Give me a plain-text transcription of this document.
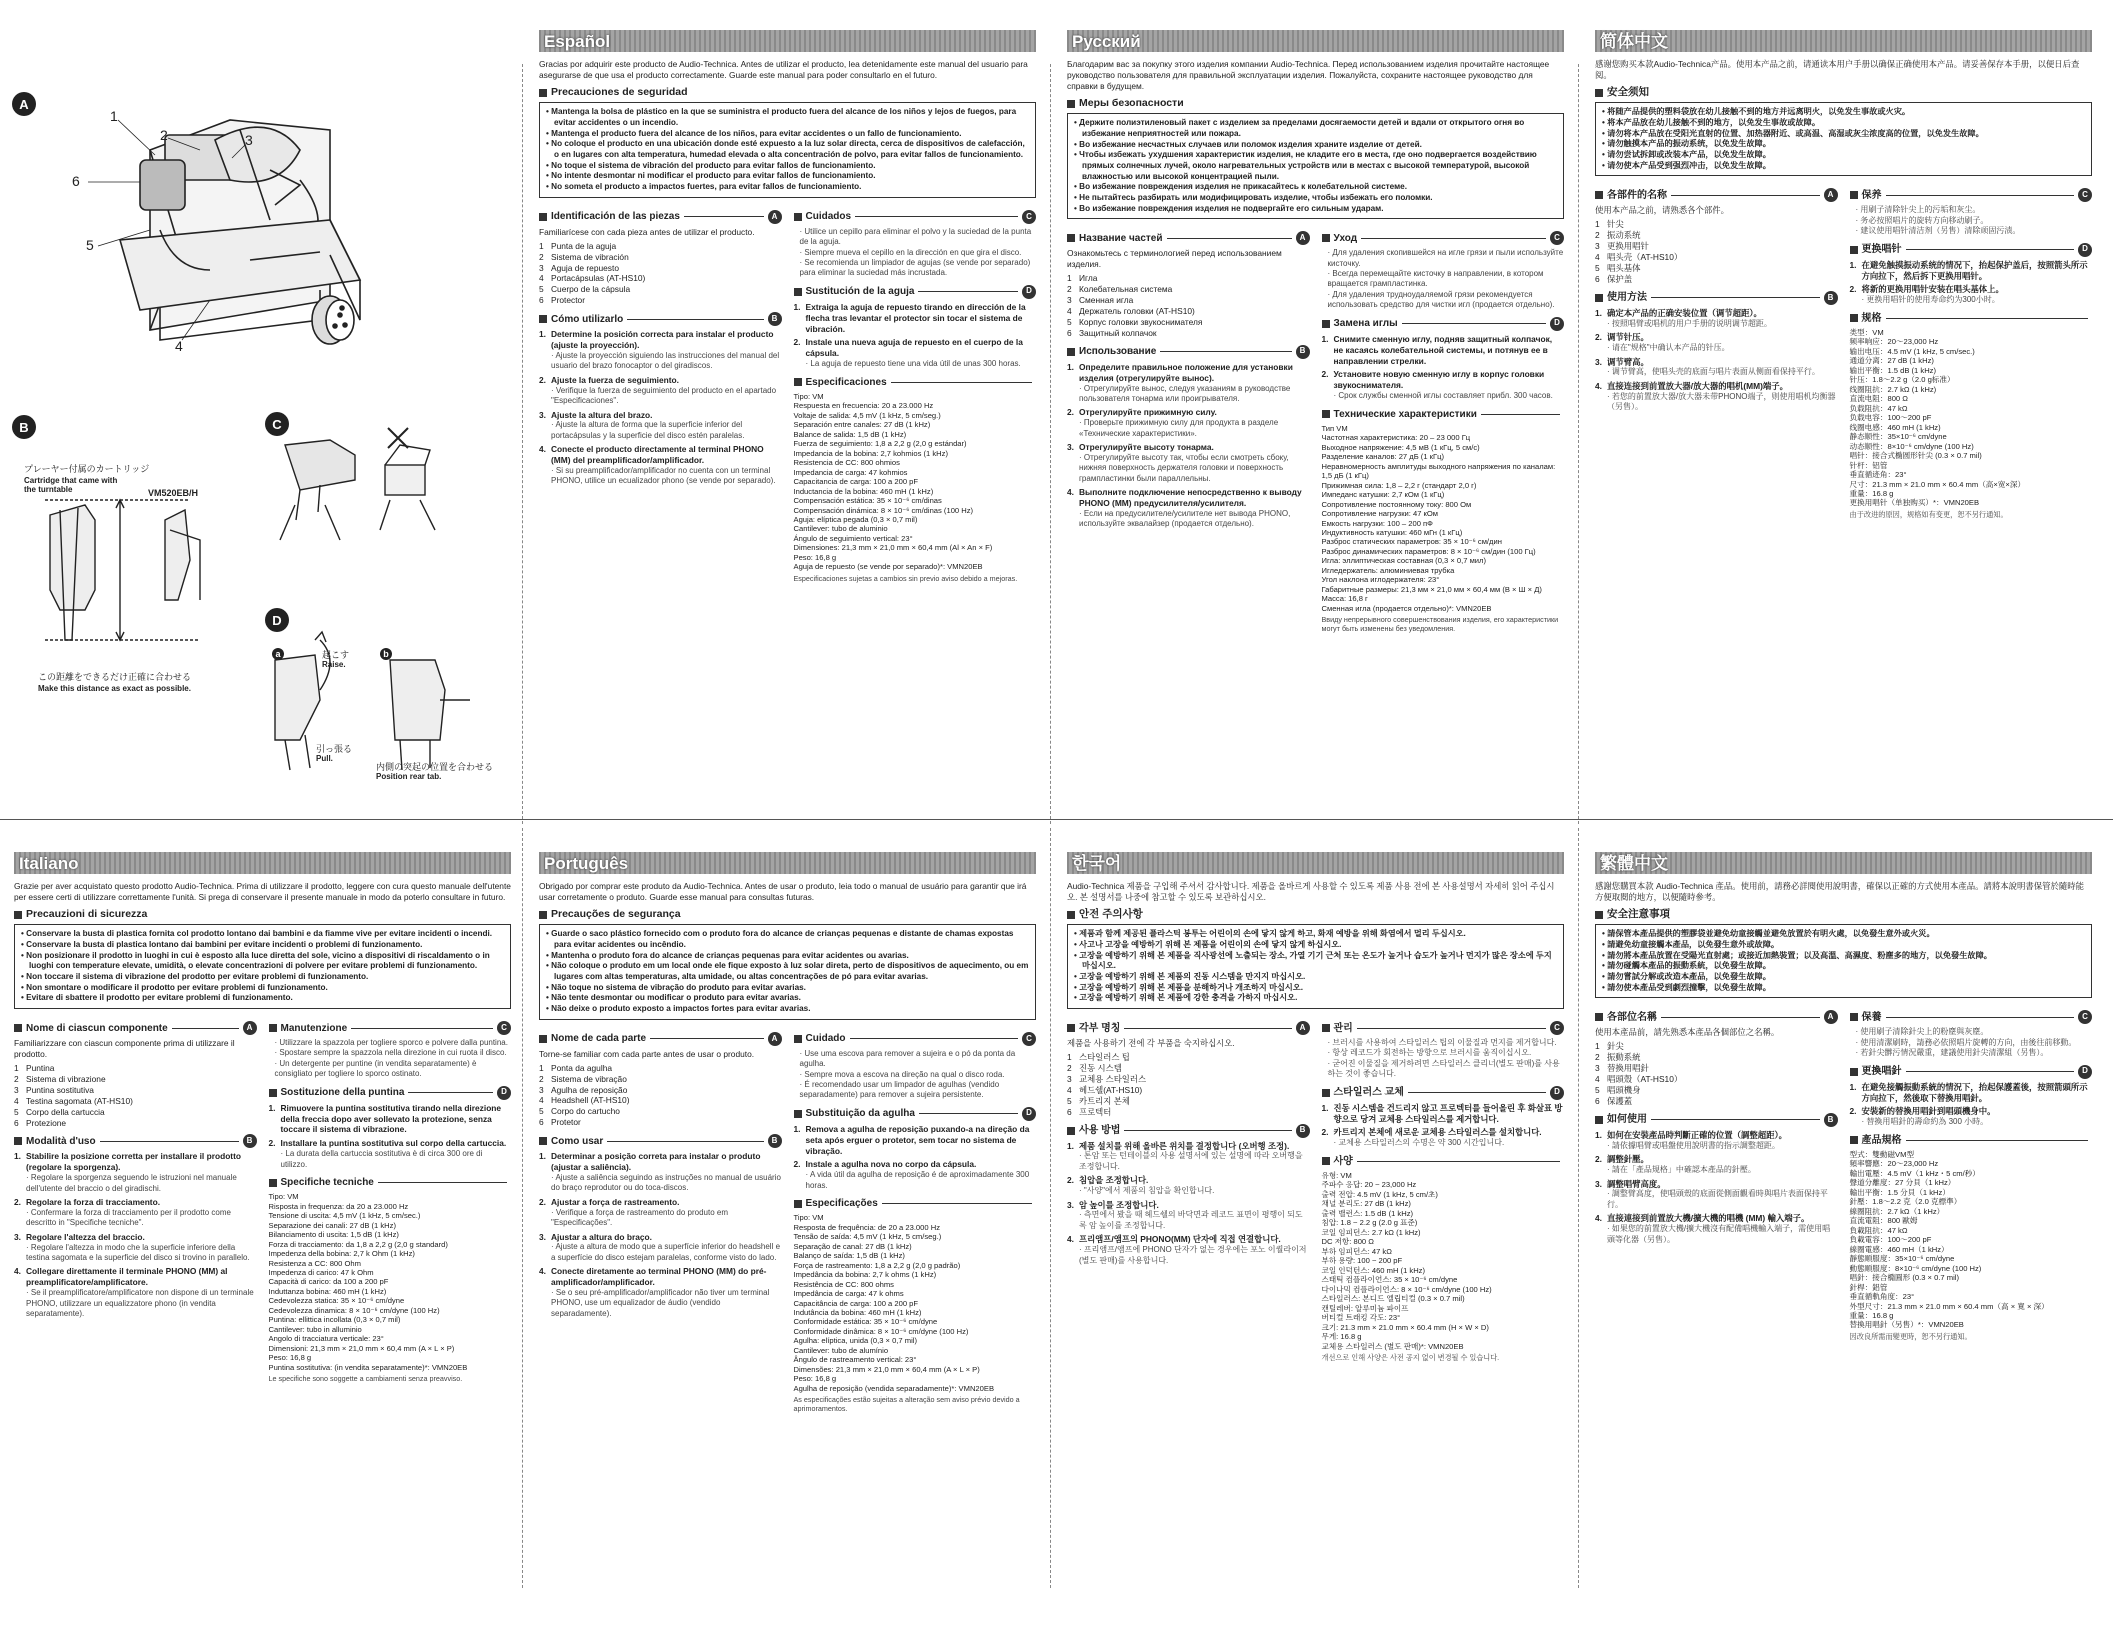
A
B	C
D
1
2	3
6
5
4
プレーヤー付属のカートリッジ
Cartridge that came with the turntable	VM520EB/H
この距離をできるだけ正確に合わせる
Make this distance as exact as possible.
a	b
起こす
Raise.
引っ張る
Pull.
内側の突起の位置を合わせる
Position rear tab.
Español
Gracias por adquirir este producto de Audio-Technica. Antes de utilizar el producto, lea detenidamente este manual del usuario para asegurarse de que usa el producto correctamente. Guarde este manual para poder consultarlo en el futuro.
Precauciones de seguridad
• Mantenga la bolsa de plástico en la que se suministra el producto fuera del alcance de los niños y lejos de fuegos, para evitar accidentes o un incendio.
• Mantenga el producto fuera del alcance de los niños, para evitar accidentes o un fallo de funcionamiento.
• No coloque el producto en una ubicación donde esté expuesto a la luz solar directa, cerca de dispositivos de calefacción, o en lugares con alta temperatura, humedad elevada o alta concentración de polvo, para evitar fallos de funcionamiento.
• No toque el sistema de vibración del producto para evitar fallos de funcionamiento.
• No intente desmontar ni modificar el producto para evitar fallos de funcionamiento.
• No someta el producto a impactos fuertes, para evitar fallos de funcionamiento.
Identificación de las piezas	A
Familiarícese con cada pieza antes de utilizar el producto.
1 Punta de la aguja
2 Sistema de vibración
3 Aguja de repuesto
4 Portacápsulas (AT-HS10)
5 Cuerpo de la cápsula
6 Protector
Cómo utilizarlo	B
1. Determine la posición correcta para instalar el producto (ajuste la proyección).
· Ajuste la proyección siguiendo las instrucciones del manual del usuario del brazo fonocaptor o del giradiscos.
2. Ajuste la fuerza de seguimiento.
· Verifique la fuerza de seguimiento del producto en el apartado "Especificaciones".
3. Ajuste la altura del brazo.
· Ajuste la altura de forma que la superficie inferior del portacápsulas y la superficie del disco estén paralelas.
4. Conecte el producto directamente al terminal PHONO (MM) del preamplificador/amplificador.
· Si su preamplificador/amplificador no cuenta con un terminal PHONO, utilice un ecualizador phono (se vende por separado).
Cuidados	C
· Utilice un cepillo para eliminar el polvo y la suciedad de la punta de la aguja.
· Siempre mueva el cepillo en la dirección en que gira el disco.
· Se recomienda un limpiador de agujas (se vende por separado) para eliminar la suciedad más incrustada.
Sustitución de la aguja	D
1. Extraiga la aguja de repuesto tirando en dirección de la flecha tras levantar el protector sin tocar el sistema de vibración.
2. Instale una nueva aguja de repuesto en el cuerpo de la cápsula.
· La aguja de repuesto tiene una vida útil de unas 300 horas.
Especificaciones
Tipo: VM
Respuesta en frecuencia: 20 a 23.000 Hz
Voltaje de salida: 4,5 mV (1 kHz, 5 cm/seg.)
Separación entre canales: 27 dB (1 kHz)
Balance de salida: 1,5 dB (1 kHz)
Fuerza de seguimiento: 1,8 a 2,2 g (2,0 g estándar)
Impedancia de la bobina: 2,7 kohmios (1 kHz)
Resistencia de CC: 800 ohmios
Impedancia de carga: 47 kohmios
Capacitancia de carga: 100 a 200 pF
Inductancia de la bobina: 460 mH (1 kHz)
Compensación estática: 35 × 10⁻⁶ cm/dinas
Compensación dinámica: 8 × 10⁻⁶ cm/dinas (100 Hz)
Aguja: elíptica pegada (0,3 × 0,7 mil)
Cantilever: tubo de aluminio
Ángulo de seguimiento vertical: 23°
Dimensiones: 21,3 mm × 21,0 mm × 60,4 mm (Al × An × F)
Peso: 16,8 g
Aguja de repuesto (se vende por separado)*: VMN20EB
Especificaciones sujetas a cambios sin previo aviso debido a mejoras.
Русский
Благодарим вас за покупку этого изделия компании Audio-Technica. Перед использованием изделия прочитайте настоящее руководство пользователя для правильной эксплуатации изделия. Пожалуйста, сохраните настоящее руководство для справки в будущем.
Меры безопасности
• Держите полиэтиленовый пакет с изделием за пределами досягаемости детей и вдали от открытого огня во избежание неприятностей или пожара.
• Во избежание несчастных случаев или поломок изделия храните изделие от детей.
• Чтобы избежать ухудшения характеристик изделия, не кладите его в места, где оно подвергается воздействию прямых солнечных лучей, около нагревательных устройств или в местах с высокой температурой, высокой влажностью или высокой концентрацией пыли.
• Во избежание повреждения изделия не прикасайтесь к колебательной системе.
• Не пытайтесь разбирать или модифицировать изделие, чтобы избежать его поломки.
• Во избежание повреждения изделия не подвергайте его сильным ударам.
Название частей	A
Ознакомьтесь с терминологией перед использованием изделия.
1 Игла
2 Колебательная система
3 Сменная игла
4 Держатель головки (AT-HS10)
5 Корпус головки звукоснимателя
6 Защитный колпачок
Использование	B
1. Определите правильное положение для установки изделия (отрегулируйте вынос).
· Отрегулируйте вынос, следуя указаниям в руководстве пользователя тонарма или проигрывателя.
2. Отрегулируйте прижимную силу.
· Проверьте прижимную силу для продукта в разделе «Технические характеристики».
3. Отрегулируйте высоту тонарма.
· Отрегулируйте высоту так, чтобы если смотреть сбоку, нижняя поверхность держателя головки и поверхность грампластинки были параллельны.
4. Выполните подключение непосредственно к выводу PHONO (MM) предусилителя/усилителя.
· Если на предусилителе/усилителе нет вывода PHONO, используйте эквалайзер (продается отдельно).
Уход	C
· Для удаления скопившейся на игле грязи и пыли используйте кисточку.
· Всегда перемещайте кисточку в направлении, в котором вращается грампластинка.
· Для удаления труднoудаляемой грязи рекомендуется использовать средство для чистки игл (продается отдельно).
Замена иглы	D
1. Снимите сменную иглу, подняв защитный колпачок, не касаясь колебательной системы, и потянув ее в направлении стрелки.
2. Установите новую сменную иглу в корпус головки звукоснимателя.
· Срок службы сменной иглы составляет прибл. 300 часов.
Технические характеристики
Тип VM
Частотная характеристика: 20 – 23 000 Гц
Выходное напряжение: 4,5 мВ (1 кГц, 5 см/с)
Разделение каналов: 27 дБ (1 кГц)
Неравномерность амплитуды выходного напряжения по каналам: 1,5 дБ (1 кГц)
Прижимная сила: 1,8 – 2,2 г (стандарт 2,0 г)
Импеданс катушки: 2,7 кОм (1 кГц)
Сопротивление постоянному току: 800 Ом
Сопротивление нагрузки: 47 кОм
Емкость нагрузки: 100 – 200 пФ
Индуктивность катушки: 460 мГн (1 кГц)
Разброс статических параметров: 35 × 10⁻⁶ см/дин
Разброс динамических параметров: 8 × 10⁻⁶ см/дин (100 Гц)
Игла: эллиптическая составная (0,3 × 0,7 мил)
Игледержатель: алюминиевая трубка
Угол наклона иглодержателя: 23°
Габаритные размеры: 21,3 мм × 21,0 мм × 60,4 мм (В × Ш × Д)
Масса: 16,8 г
Сменная игла (продается отдельно)*: VMN20EB
Ввиду непрерывного совершенствования изделия, его характеристики могут быть изменены без уведомления.
简体中文
感谢您购买本款Audio-Technica产品。使用本产品之前，请通读本用户手册以确保正确使用本产品。请妥善保存本手册，以便日后查阅。
安全须知
• 将随产品提供的塑料袋放在幼儿接触不到的地方并远离明火，以免发生事故或火灾。
• 将本产品放在幼儿接触不到的地方，以免发生事故或故障。
• 请勿将本产品放在受阳光直射的位置、加热器附近、或高温、高湿或灰尘浓度高的位置，以免发生故障。
• 请勿触摸本产品的振动系统，以免发生故障。
• 请勿尝试拆卸或改装本产品，以免发生故障。
• 请勿使本产品受到强烈冲击，以免发生故障。
各部件的名称	A
使用本产品之前，请熟悉各个部件。
1 针尖
2 振动系统
3 更换用唱针
4 唱头壳（AT-HS10）
5 唱头基体
6 保护盖
使用方法	B
1. 确定本产品的正确安装位置（调节超距）。
· 按照唱臂或唱机的用户手册的说明调节超距。
2. 调节针压。
· 请在"规格"中确认本产品的针压。
3. 调节臂高。
· 调节臂高，使唱头壳的底面与唱片表面从侧面看保持平行。
4. 直接连接到前置放大器/放大器的唱机(MM)端子。
· 若您的前置放大器/放大器未带PHONO端子，则使用唱机均衡器（另售）。
保养	C
· 用刷子清除针尖上的污垢和灰尘。
· 务必按照唱片的旋转方向移动刷子。
· 建议使用唱针清洁剂（另售）清除顽固污渍。
更换唱针	D
1. 在避免触摸振动系统的情况下，抬起保护盖后，按照箭头所示方向拉下，然后拆下更换用唱针。
2. 将新的更换用唱针安装在唱头基体上。
· 更换用唱针的使用寿命约为300小时。
规格
类型：VM
频率响应：20～23,000 Hz
输出电压：4.5 mV (1 kHz, 5 cm/sec.)
通道分离：27 dB (1 kHz)
输出平衡：1.5 dB (1 kHz)
针压：1.8～2.2 g（2.0 g标准）
线圈阻抗：2.7 kΩ (1 kHz)
直流电阻：800 Ω
负载阻抗：47 kΩ
负载电容：100～200 pF
线圈电感：460 mH (1 kHz)
静态顺性：35×10⁻⁶ cm/dyne
动态顺性：8×10⁻⁶ cm/dyne (100 Hz)
唱针：接合式椭圆形针尖 (0.3 × 0.7 mil)
针杆：铝管
垂直循迹角：23°
尺寸：21.3 mm × 21.0 mm × 60.4 mm（高×宽×深）
重量：16.8 g
更换用唱针（单独购买）*：VMN20EB
由于改进的原因，规格如有变更，恕不另行通知。
Italiano
Grazie per aver acquistato questo prodotto Audio-Technica. Prima di utilizzare il prodotto, leggere con cura questo manuale dell'utente per essere certi di utilizzare correttamente l'unità. Si prega di conservare il presente manuale in modo da poterlo consultare in futuro.
Precauzioni di sicurezza
• Conservare la busta di plastica fornita col prodotto lontano dai bambini e da fiamme vive per evitare incidenti o incendi.
• Conservare la busta di plastica lontano dai bambini per evitare incidenti o problemi di funzionamento.
• Non posizionare il prodotto in luoghi in cui è esposto alla luce diretta del sole, vicino a dispositivi di riscaldamento o in luoghi con temperature elevate, umidità, o elevate concentrazioni di polvere per evitare problemi di funzionamento.
• Non toccare il sistema di vibrazione del prodotto per evitare problemi di funzionamento.
• Non smontare o modificare il prodotto per evitare problemi di funzionamento.
• Evitare di sbattere il prodotto per evitare problemi di funzionamento.
Nome di ciascun componente	A
Familiarizzare con ciascun componente prima di utilizzare il prodotto.
1 Puntina
2 Sistema di vibrazione
3 Puntina sostitutiva
4 Testina sagomata (AT-HS10)
5 Corpo della cartuccia
6 Protezione
Modalità d'uso	B
1. Stabilire la posizione corretta per installare il prodotto (regolare la sporgenza).
· Regolare la sporgenza seguendo le istruzioni nel manuale dell'utente del braccio o del giradischi.
2. Regolare la forza di tracciamento.
· Confermare la forza di tracciamento per il prodotto come descritto in "Specifiche tecniche".
3. Regolare l'altezza del braccio.
· Regolare l'altezza in modo che la superficie inferiore della testina sagomata e la superficie del disco si trovino in parallelo.
4. Collegare direttamente il terminale PHONO (MM) al preamplificatore/amplificatore.
· Se il preamplificatore/amplificatore non dispone di un terminale PHONO, utilizzare un equalizzatore phono (in vendita separatamente).
Manutenzione	C
· Utilizzare la spazzola per togliere sporco e polvere dalla puntina.
· Spostare sempre la spazzola nella direzione in cui ruota il disco.
· Un detergente per puntine (in vendita separatamente) è consigliato per togliere lo sporco ostinato.
Sostituzione della puntina	D
1. Rimuovere la puntina sostitutiva tirando nella direzione della freccia dopo aver sollevato la protezione, senza toccare il sistema di vibrazione.
2. Installare la puntina sostitutiva sul corpo della cartuccia.
· La durata della cartuccia sostitutiva è di circa 300 ore di utilizzo.
Specifiche tecniche
Tipo: VM
Risposta in frequenza: da 20 a 23.000 Hz
Tensione di uscita: 4,5 mV (1 kHz, 5 cm/sec.)
Separazione dei canali: 27 dB (1 kHz)
Bilanciamento di uscita: 1,5 dB (1 kHz)
Forza di tracciamento: da 1,8 a 2,2 g (2,0 g standard)
Impedenza della bobina: 2,7 k Ohm (1 kHz)
Resistenza a CC: 800 Ohm
Impedenza di carico: 47 k Ohm
Capacità di carico: da 100 a 200 pF
Induttanza bobina: 460 mH (1 kHz)
Cedevolezza statica: 35 × 10⁻⁶ cm/dyne
Cedevolezza dinamica: 8 × 10⁻⁶ cm/dyne (100 Hz)
Puntina: ellittica incollata (0,3 × 0,7 mil)
Cantilever: tubo in alluminio
Angolo di tracciatura verticale: 23°
Dimensioni: 21,3 mm × 21,0 mm × 60,4 mm (A × L × P)
Peso: 16,8 g
Puntina sostitutiva: (in vendita separatamente)*: VMN20EB
Le specifiche sono soggette a cambiamenti senza preavviso.
Português
Obrigado por comprar este produto da Audio-Technica. Antes de usar o produto, leia todo o manual de usuário para garantir que irá usar corretamente o produto. Guarde esse manual para consultas futuras.
Precauções de segurança
• Guarde o saco plástico fornecido com o produto fora do alcance de crianças pequenas e distante de chamas expostas para evitar acidentes ou incêndio.
• Mantenha o produto fora do alcance de crianças pequenas para evitar acidentes ou avarias.
• Não coloque o produto em um local onde ele fique exposto à luz solar direta, perto de dispositivos de aquecimento, ou em lugares com altas temperaturas, alta umidade, ou altas concentrações de pó para evitar avarias.
• Não toque no sistema de vibração do produto para evitar avarias.
• Não tente desmontar ou modificar o produto para evitar avarias.
• Não deixe o produto exposto a impactos fortes para evitar avarias.
Nome de cada parte	A
Torne-se familiar com cada parte antes de usar o produto.
1 Ponta da agulha
2 Sistema de vibração
3 Agulha de reposição
4 Headshell (AT-HS10)
5 Corpo do cartucho
6 Protetor
Como usar	B
1. Determinar a posição correta para instalar o produto (ajustar a saliência).
· Ajuste a saliência seguindo as instruções no manual de usuário do braço reprodutor ou do toca-discos.
2. Ajustar a força de rastreamento.
· Verifique a força de rastreamento do produto em "Especificações".
3. Ajustar a altura do braço.
· Ajuste a altura de modo que a superfície inferior do headshell e a superfície do disco estejam paralelas, conforme visto do lado.
4. Conecte diretamente ao terminal PHONO (MM) do pré-amplificador/amplificador.
· Se o seu pré-amplificador/amplificador não tiver um terminal PHONO, use um equalizador de áudio (vendido separadamente).
Cuidado	C
· Use uma escova para remover a sujeira e o pó da ponta da agulha.
· Sempre mova a escova na direção na qual o disco roda.
· É recomendado usar um limpador de agulhas (vendido separadamente) para remover a sujeira persistente.
Substituição da agulha	D
1. Remova a agulha de reposição puxando-a na direção da seta após erguer o protetor, sem tocar no sistema de vibração.
2. Instale a agulha nova no corpo da cápsula.
· A vida útil da agulha de reposição é de aproximadamente 300 horas.
Especificações
Tipo: VM
Resposta de frequência: de 20 a 23.000 Hz
Tensão de saída: 4,5 mV (1 kHz, 5 cm/seg.)
Separação de canal: 27 dB (1 kHz)
Balanço de saída: 1,5 dB (1 kHz)
Força de rastreamento: 1,8 a 2,2 g (2,0 g padrão)
Impedância da bobina: 2,7 k ohms (1 kHz)
Resistência de CC: 800 ohms
Impedância de carga: 47 k ohms
Capacitância de carga: 100 a 200 pF
Indutância da bobina: 460 mH (1 kHz)
Conformidade estática: 35 × 10⁻⁶ cm/dyne
Conformidade dinâmica: 8 × 10⁻⁶ cm/dyne (100 Hz)
Agulha: elíptica, unida (0,3 × 0,7 mil)
Cantilever: tubo de alumínio
Ângulo de rastreamento vertical: 23°
Dimensões: 21,3 mm × 21,0 mm × 60,4 mm (A × L × P)
Peso: 16,8 g
Agulha de reposição (vendida separadamente)*: VMN20EB
As especificações estão sujeitas a alteração sem aviso prévio devido a aprimoramentos.
한국어
Audio-Technica 제품을 구입해 주셔서 감사합니다. 제품을 올바르게 사용할 수 있도록 제품 사용 전에 본 사용설명서 자세히 읽어 주십시오. 본 설명서를 나중에 참고할 수 있도록 보관하십시오.
안전 주의사항
• 제품과 함께 제공된 플라스틱 봉투는 어린이의 손에 닿지 않게 하고, 화재 예방을 위해 화염에서 멀리 두십시오.
• 사고나 고장을 예방하기 위해 본 제품을 어린이의 손에 닿지 않게 하십시오.
• 고장을 예방하기 위해 본 제품을 직사광선에 노출되는 장소, 가열 기기 근처 또는 온도가 높거나 습도가 높거나 먼지가 많은 장소에 두지 마십시오.
• 고장을 예방하기 위해 본 제품의 진동 시스템을 만지지 마십시오.
• 고장을 예방하기 위해 본 제품을 분해하거나 개조하지 마십시오.
• 고장을 예방하기 위해 본 제품에 강한 충격을 가하지 마십시오.
각부 명칭	A
제품을 사용하기 전에 각 부품을 숙지하십시오.
1 스타일러스 팁
2 진동 시스템
3 교체용 스타일러스
4 헤드쉘(AT-HS10)
5 카트리지 본체
6 프로텍터
사용 방법	B
1. 제품 설치를 위해 올바른 위치를 결정합니다 (오버행 조정).
· 톤암 또는 턴테이블의 사용 설명서에 있는 설명에 따라 오버행을 조정합니다.
2. 침압을 조정합니다.
· "사양"에서 제품의 침압을 확인합니다.
3. 암 높이를 조정합니다.
· 측면에서 봤을 때 헤드쉘의 바닥면과 레코드 표면이 평행이 되도록 암 높이를 조정합니다.
4. 프리앰프/앰프의 PHONO(MM) 단자에 직접 연결합니다.
· 프리앰프/앰프에 PHONO 단자가 없는 경우에는 포노 이퀄라이저(별도 판매)를 사용합니다.
관리	C
· 브러시를 사용하여 스타일러스 팁의 이물질과 먼지를 제거합니다.
· 항상 레코드가 회전하는 방향으로 브러시를 움직이십시오.
· 굳어진 이물질을 제거하려면 스타일러스 클리너(별도 판매)를 사용하는 것이 좋습니다.
스타일러스 교체	D
1. 진동 시스템을 건드리지 않고 프로텍터를 들어올린 후 화살표 방향으로 당겨 교체용 스타일러스를 제거합니다.
2. 카트리지 본체에 새로운 교체용 스타일러스를 설치합니다.
· 교체용 스타일러스의 수명은 약 300 시간입니다.
사양
유형: VM
주파수 응답: 20 ~ 23,000 Hz
출력 전압: 4.5 mV (1 kHz, 5 cm/초)
채널 분리도: 27 dB (1 kHz)
출력 밸런스: 1.5 dB (1 kHz)
침압: 1.8 ~ 2.2 g (2.0 g 표준)
코일 임피던스: 2.7 kΩ (1 kHz)
DC 저항: 800 Ω
부하 임피던스: 47 kΩ
부하 용량: 100 ~ 200 pF
코일 인덕턴스: 460 mH (1 kHz)
스태틱 컴플라이언스: 35 × 10⁻⁶ cm/dyne
다이나믹 컴플라이언스: 8 × 10⁻⁶ cm/dyne (100 Hz)
스타일러스: 본디드 엘립티컬 (0.3 × 0.7 mil)
캔틸레버: 알루미늄 파이프
버티컬 트래킹 각도: 23°
크기: 21.3 mm × 21.0 mm × 60.4 mm (H × W × D)
무게: 16.8 g
교체용 스타일러스 (별도 판매)*: VMN20EB
개선으로 인해 사양은 사전 공지 없이 변경될 수 있습니다.
繁體中文
感謝您購買本款 Audio-Technica 產品。使用前，請務必詳閱使用說明書，確保以正確的方式使用本產品。請將本說明書保管於隨時能方便取閱的地方，以便隨時參考。
安全注意事項
• 請保管本產品提供的塑膠袋並避免幼童接觸並避免放置於有明火處，以免發生意外或火災。
• 請避免幼童接觸本產品，以免發生意外或故障。
• 請勿將本產品放置在受陽光直射處；或接近加熱裝置；以及高溫、高濕度、粉塵多的地方，以免發生故障。
• 請勿碰觸本產品的振動系統，以免發生故障。
• 請勿嘗試分解或改造本產品，以免發生故障。
• 請勿使本產品受到劇烈撞擊，以免發生故障。
各部位名稱	A
使用本產品前，請先熟悉本產品各個部位之名稱。
1 針尖
2 振動系統
3 替換用唱針
4 唱頭殼（AT-HS10）
5 唱頭機身
6 保護蓋
如何使用	B
1. 如何在安裝產品時判斷正確的位置（調整超距）。
· 請依據唱臂或唱盤使用說明書的指示調整超距。
2. 調整針壓。
· 請在「產品規格」中確認本產品的針壓。
3. 調整唱臂高度。
· 調整臂高度，使唱頭殼的底面從側面觀看時與唱片表面保持平行。
4. 直接連接到前置放大機/擴大機的唱機 (MM) 輸入端子。
· 如果您的前置放大機/擴大機沒有配備唱機輸入端子，需使用唱頭等化器（另售）。
保養	C
· 使用刷子清除針尖上的粉塵與灰塵。
· 使用清潔刷時，請務必依照唱片旋轉的方向，由後往前移動。
· 若針尖髒污情況嚴重，建議使用針尖清潔組（另售）。
更換唱針	D
1. 在避免接觸振動系統的情況下，抬起保護蓋後，按照箭頭所示方向拉下，然後取下替換用唱針。
2. 安裝新的替換用唱針到唱頭機身中。
· 替換用唱針的壽命約為 300 小時。
產品規格
型式：雙動磁VM型
頻率響應：20～23,000 Hz
輸出電壓：4.5 mV（1 kHz・5 cm/秒）
聲道分離度：27 分貝（1 kHz）
輸出平衡：1.5 分貝（1 kHz）
針壓：1.8～2.2 克（2.0 克標準）
線圈阻抗：2.7 kΩ（1 kHz）
直流電阻：800 歐姆
負載阻抗：47 kΩ
負載電容：100～200 pF
線圈電感：460 mH（1 kHz）
靜態順服度：35×10⁻⁶ cm/dyne
動態順服度：8×10⁻⁶ cm/dyne (100 Hz)
唱針：接合橢圓形 (0.3 × 0.7 mil)
針桿：鋁管
垂直循軌角度：23°
外型尺寸：21.3 mm × 21.0 mm × 60.4 mm（高 × 寬 × 深）
重量：16.8 g
替換用唱針（另售）*：VMN20EB
因改良所需而變更時，恕不另行通知。
